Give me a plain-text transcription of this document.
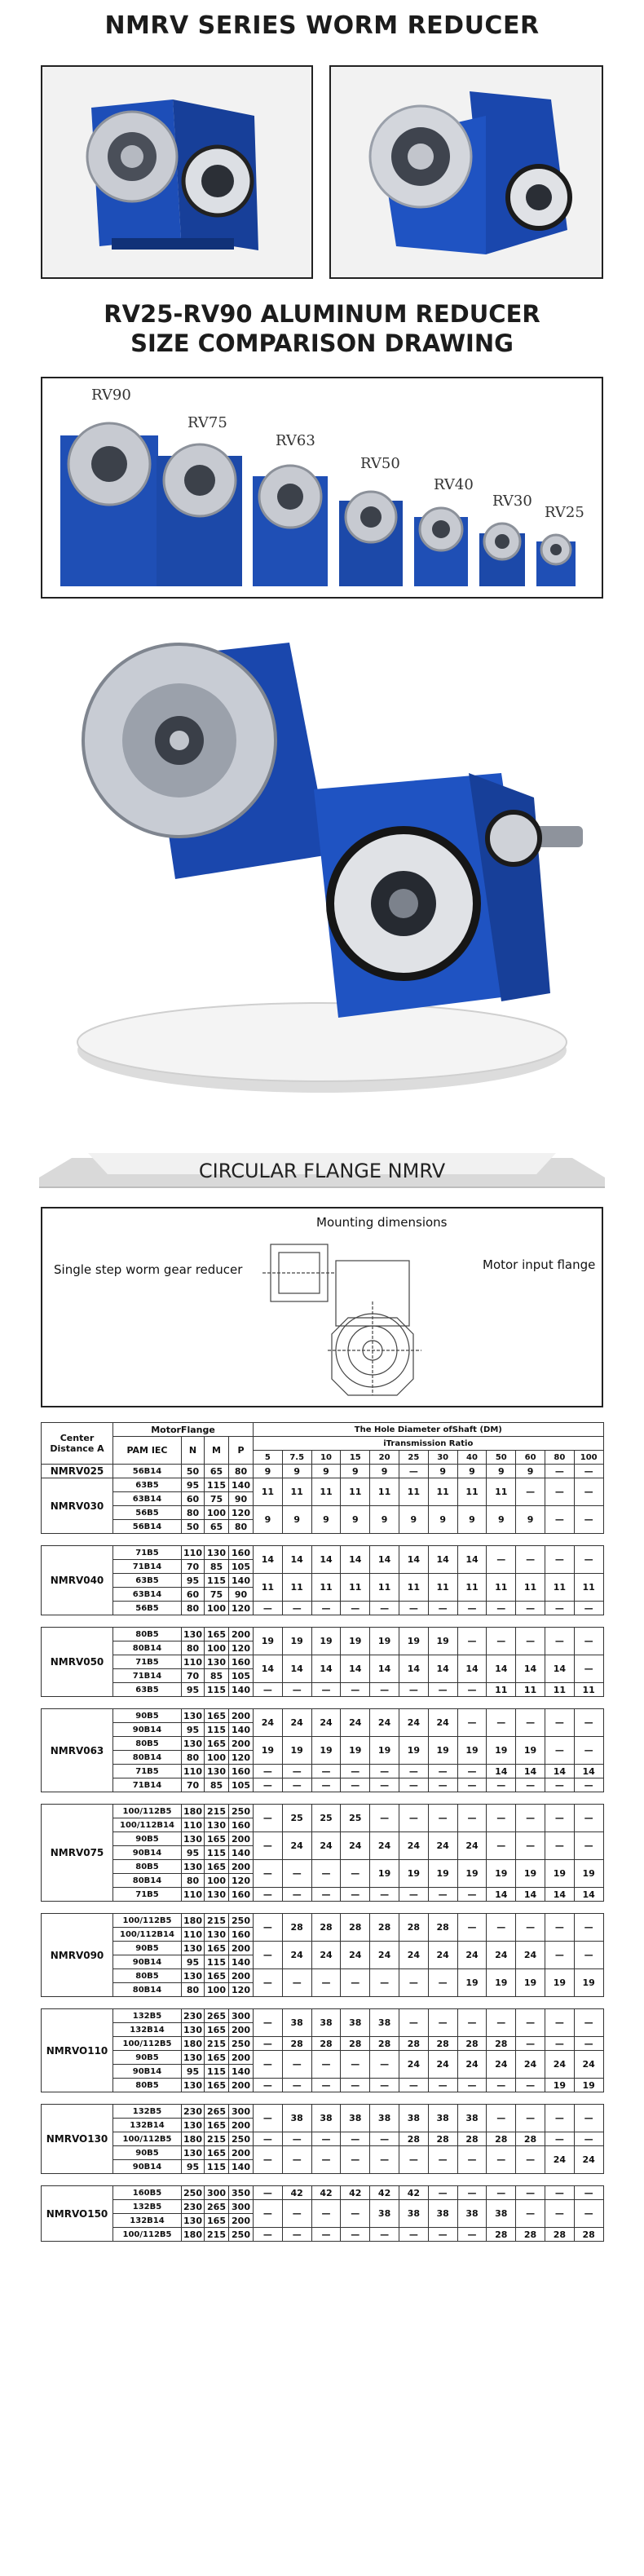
NMRV SERIES WORM REDUCER
RV25-RV90 ALUMINUM REDUCER
SIZE COMPARISON DRAWING
RV90
RV75
RV63
RV50
RV40
RV30
RV25
CIRCULAR FLANGE NMRV
Mounting dimensions
Single step worm gear reducer	Motor input flange
Center Distance A	MotorFlange				The Hole Diameter ofShaft (DM)											
	PAM IEC	N	M	P	iTransmission Ratio											
					5	7.5	10	15	20	25	30	40	50	60	80	100
NMRV025	56B14	50	65	80	9	9	9	9	9	—	9	9	9	9	—	—
NMRV030	63B5	95	115	140	11	11	11	11	11	11	11	11	11	—	—	—
	63B14	60	75	90												
	56B5	80	100	120	9	9	9	9	9	9	9	9	9	9	—	—
	56B14	50	65	80												

NMRV040	71B5	110	130	160	14	14	14	14	14	14	14	14	—	—	—	—
	71B14	70	85	105												
	63B5	95	115	140	11	11	11	11	11	11	11	11	11	11	11	11
	63B14	60	75	90												
	56B5	80	100	120	—	—	—	—	—	—	—	—	—	—	—	—

NMRV050	80B5	130	165	200	19	19	19	19	19	19	19	—	—	—	—	—
	80B14	80	100	120												
	71B5	110	130	160	14	14	14	14	14	14	14	14	14	14	14	—
	71B14	70	85	105												
	63B5	95	115	140	—	—	—	—	—	—	—	—	11	11	11	11

NMRV063	90B5	130	165	200	24	24	24	24	24	24	24	—	—	—	—	—
	90B14	95	115	140												
	80B5	130	165	200	19	19	19	19	19	19	19	19	19	19	—	—
	80B14	80	100	120												
	71B5	110	130	160	—	—	—	—	—	—	—	—	14	14	14	14
	71B14	70	85	105	—	—	—	—	—	—	—	—	—	—	—	—

NMRV075	100/112B5	180	215	250	—	25	25	25	—	—	—	—	—	—	—	—
	100/112B14	110	130	160												
	90B5	130	165	200	—	24	24	24	24	24	24	24	—	—	—	—
	90B14	95	115	140												
	80B5	130	165	200	—	—	—	—	19	19	19	19	19	19	19	19
	80B14	80	100	120												
	71B5	110	130	160	—	—	—	—	—	—	—	—	14	14	14	14

NMRV090	100/112B5	180	215	250	—	28	28	28	28	28	28	—	—	—	—	—
	100/112B14	110	130	160												
	90B5	130	165	200	—	24	24	24	24	24	24	24	24	24	—	—
	90B14	95	115	140												
	80B5	130	165	200	—	—	—	—	—	—	—	19	19	19	19	19
	80B14	80	100	120												

NMRVO110	132B5	230	265	300	—	38	38	38	38	—	—	—	—	—	—	—
	132B14	130	165	200												
	100/112B5	180	215	250	—	28	28	28	28	28	28	28	28	—	—	—
	90B5	130	165	200	—	—	—	—	—	24	24	24	24	24	24	24
	90B14	95	115	140												
	80B5	130	165	200	—	—	—	—	—	—	—	—	—	—	19	19

NMRVO130	132B5	230	265	300	—	38	38	38	38	38	38	38	—	—	—	—
	132B14	130	165	200												
	100/112B5	180	215	250	—	—	—	—	—	28	28	28	28	28	—	—
	90B5	130	165	200	—	—	—	—	—	—	—	—	—	—	24	24
	90B14	95	115	140												

NMRVO150	160B5	250	300	350	—	42	42	42	42	42	—	—	—	—	—	—
	132B5	230	265	300	—	—	—	—	38	38	38	38	38	—	—	—
	132B14	130	165	200												
	100/112B5	180	215	250	—	—	—	—	—	—	—	—	28	28	28	28
